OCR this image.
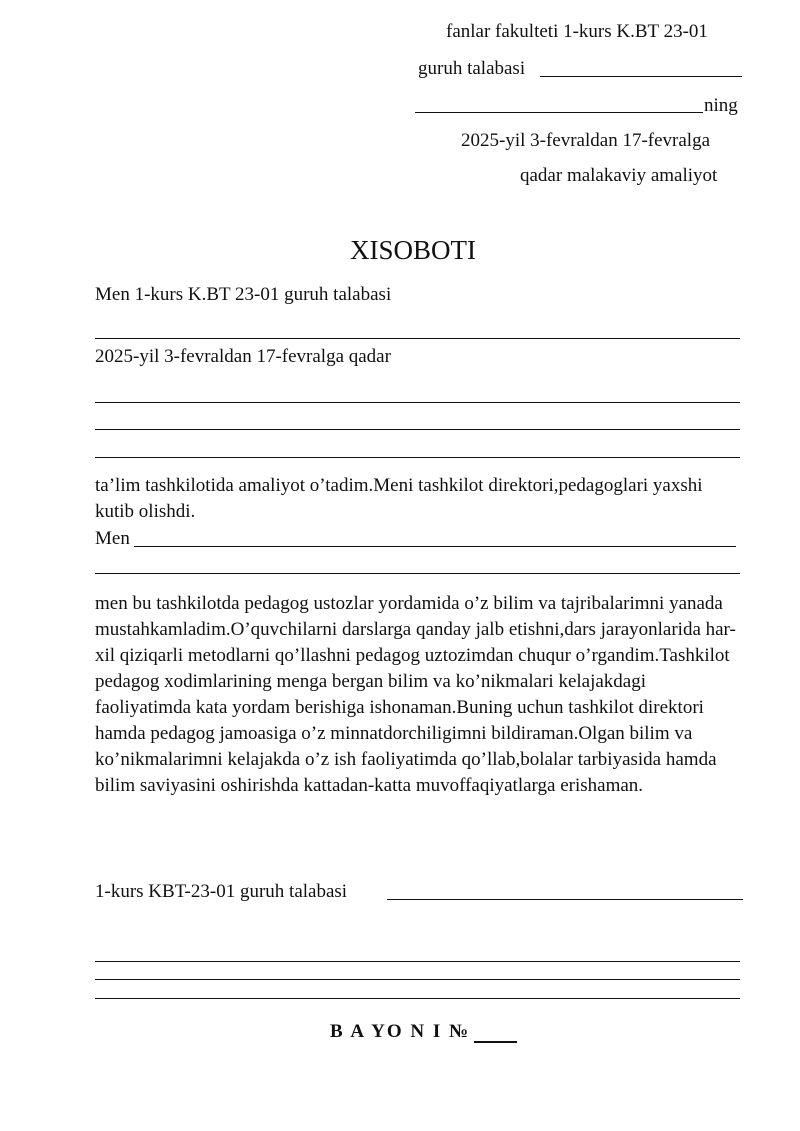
fanlar fakulteti 1-kurs K.BT 23-01
guruh talabasi
ning
2025-yil 3-fevraldan 17-fevralga
qadar malakaviy amaliyot
XISOBOTI
Men 1-kurs K.BT 23-01 guruh talabasi
2025-yil 3-fevraldan 17-fevralga qadar
ta’lim tashkilotida amaliyot o’tadim.Meni tashkilot direktori,pedagoglari yaxshi kutib olishdi.
Men
men bu tashkilotda pedagog ustozlar yordamida o’z bilim va tajribalarimni yanada mustahkamladim.O’quvchilarni darslarga qanday jalb etishni,dars jarayonlarida har-xil qiziqarli metodlarni qo’llashni pedagog uztozimdan chuqur o’rgandim.Tashkilot pedagog xodimlarining menga bergan bilim va ko’nikmalari kelajakdagi faoliyatimda kata yordam berishiga ishonaman.Buning uchun tashkilot direktori hamda pedagog jamoasiga o’z minnatdorchiligimni bildiraman.Olgan bilim va ko’nikmalarimni kelajakda o’z ish faoliyatimda qo’llab,bolalar tarbiyasida hamda bilim saviyasini oshirishda kattadan-katta muvoffaqiyatlarga erishaman.
1-kurs KBT-23-01 guruh talabasi
B A YO N I №
